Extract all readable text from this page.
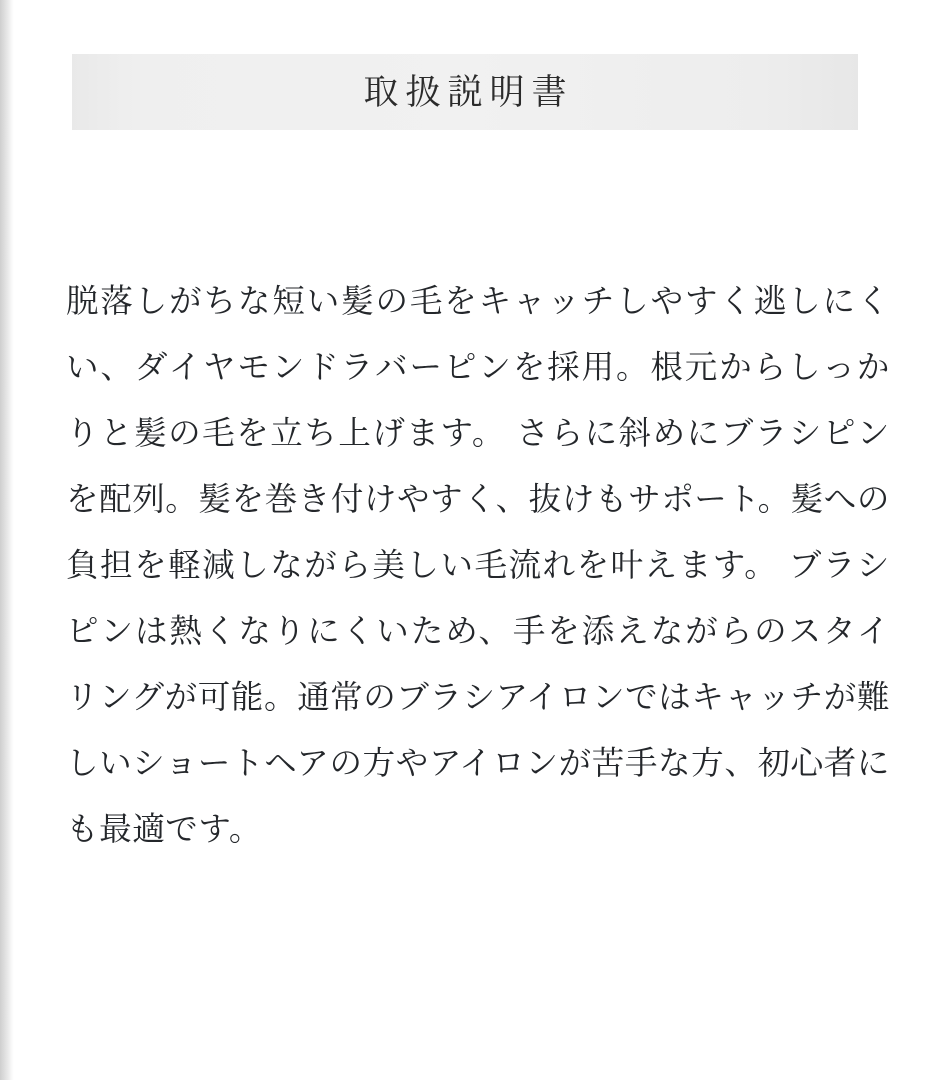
取扱説明書
脱落しがちな短い髪の毛をキャッチしやすく逃しにくい、ダイヤモンドラバーピンを採用。根元からしっかりと髪の毛を立ち上げます。 さらに斜めにブラシピンを配列。髪を巻き付けやすく、抜けもサポート。髪への負担を軽減しながら美しい毛流れを叶えます。 ブラシピンは熱くなりにくいため、手を添えながらのスタイリングが可能。通常のブラシアイロンではキャッチが難しいショートヘアの方やアイロンが苦手な方、初心者にも最適です。
